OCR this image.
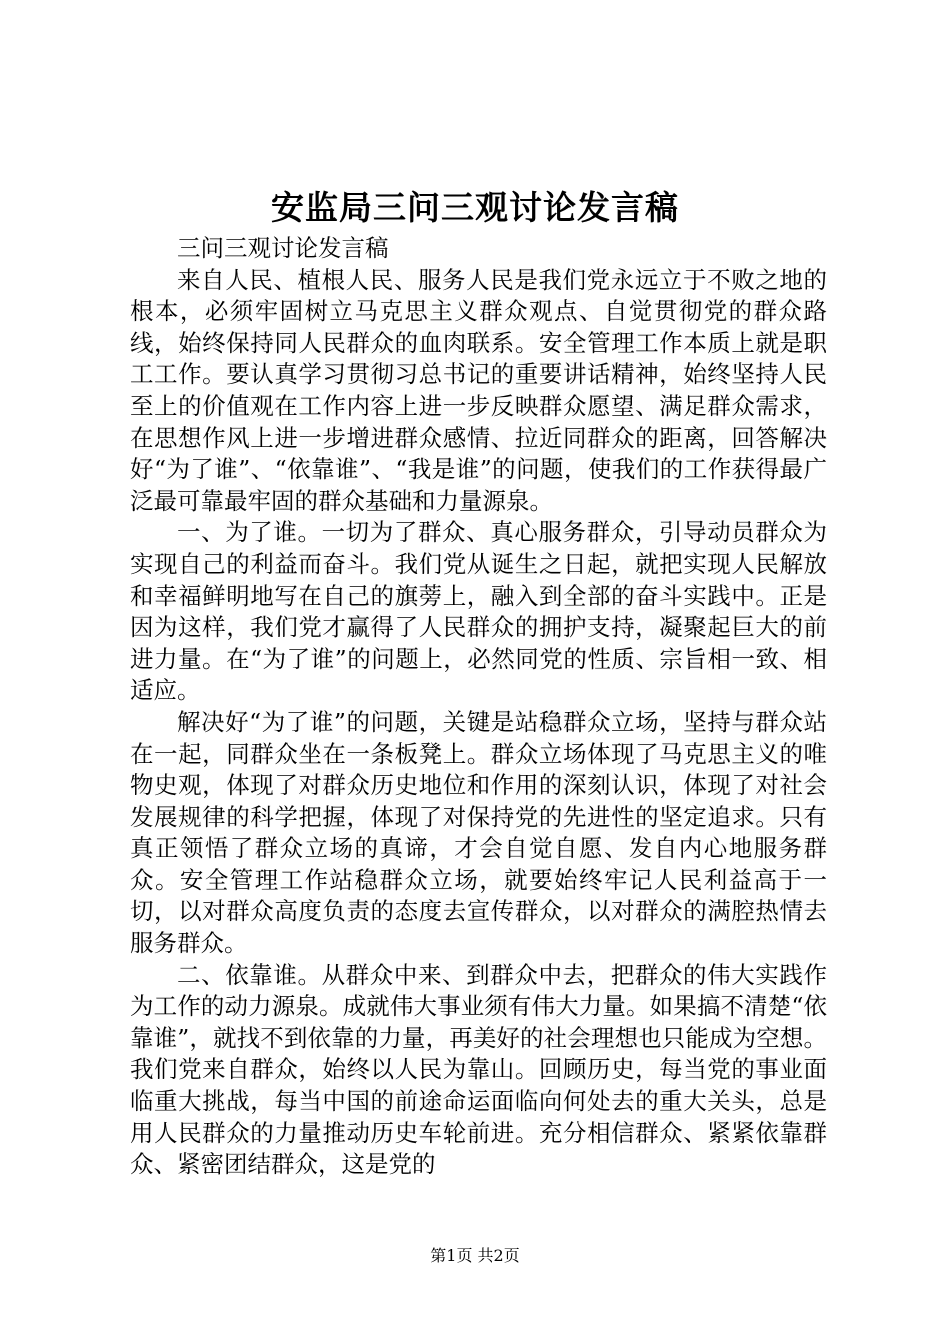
安监局三问三观讨论发言稿

三问三观讨论发言稿

来自人民、植根人民、服务人民是我们党永远立于不败之地的根本，必须牢固树立马克思主义群众观点、自觉贯彻党的群众路线，始终保持同人民群众的血肉联系。安全管理工作本质上就是职工工作。要认真学习贯彻习总书记的重要讲话精神，始终坚持人民至上的价值观在工作内容上进一步反映群众愿望、满足群众需求，在思想作风上进一步增进群众感情、拉近同群众的距离，回答解决好“为了谁”、“依靠谁”、“我是谁”的问题，使我们的工作获得最广泛最可靠最牢固的群众基础和力量源泉。

一、为了谁。一切为了群众、真心服务群众，引导动员群众为实现自己的利益而奋斗。我们党从诞生之日起，就把实现人民解放和幸福鲜明地写在自己的旗蒡上，融入到全部的奋斗实践中。正是因为这样，我们党才赢得了人民群众的拥护支持，凝聚起巨大的前进力量。在“为了谁”的问题上，必然同党的性质、宗旨相一致、相适应。

解决好“为了谁”的问题，关键是站稳群众立场，坚持与群众站在一起，同群众坐在一条板凳上。群众立场体现了马克思主义的唯物史观，体现了对群众历史地位和作用的深刻认识，体现了对社会发展规律的科学把握，体现了对保持党的先进性的坚定追求。只有真正领悟了群众立场的真谛，才会自觉自愿、发自内心地服务群众。安全管理工作站稳群众立场，就要始终牢记人民利益高于一切，以对群众高度负责的态度去宣传群众，以对群众的满腔热情去服务群众。

二、依靠谁。从群众中来、到群众中去，把群众的伟大实践作为工作的动力源泉。成就伟大事业须有伟大力量。如果搞不清楚“依靠谁”，就找不到依靠的力量，再美好的社会理想也只能成为空想。我们党来自群众，始终以人民为靠山。回顾历史，每当党的事业面临重大挑战，每当中国的前途命运面临向何处去的重大关头，总是用人民群众的力量推动历史车轮前进。充分相信群众、紧紧依靠群众、紧密团结群众，这是党的

第1页 共2页
